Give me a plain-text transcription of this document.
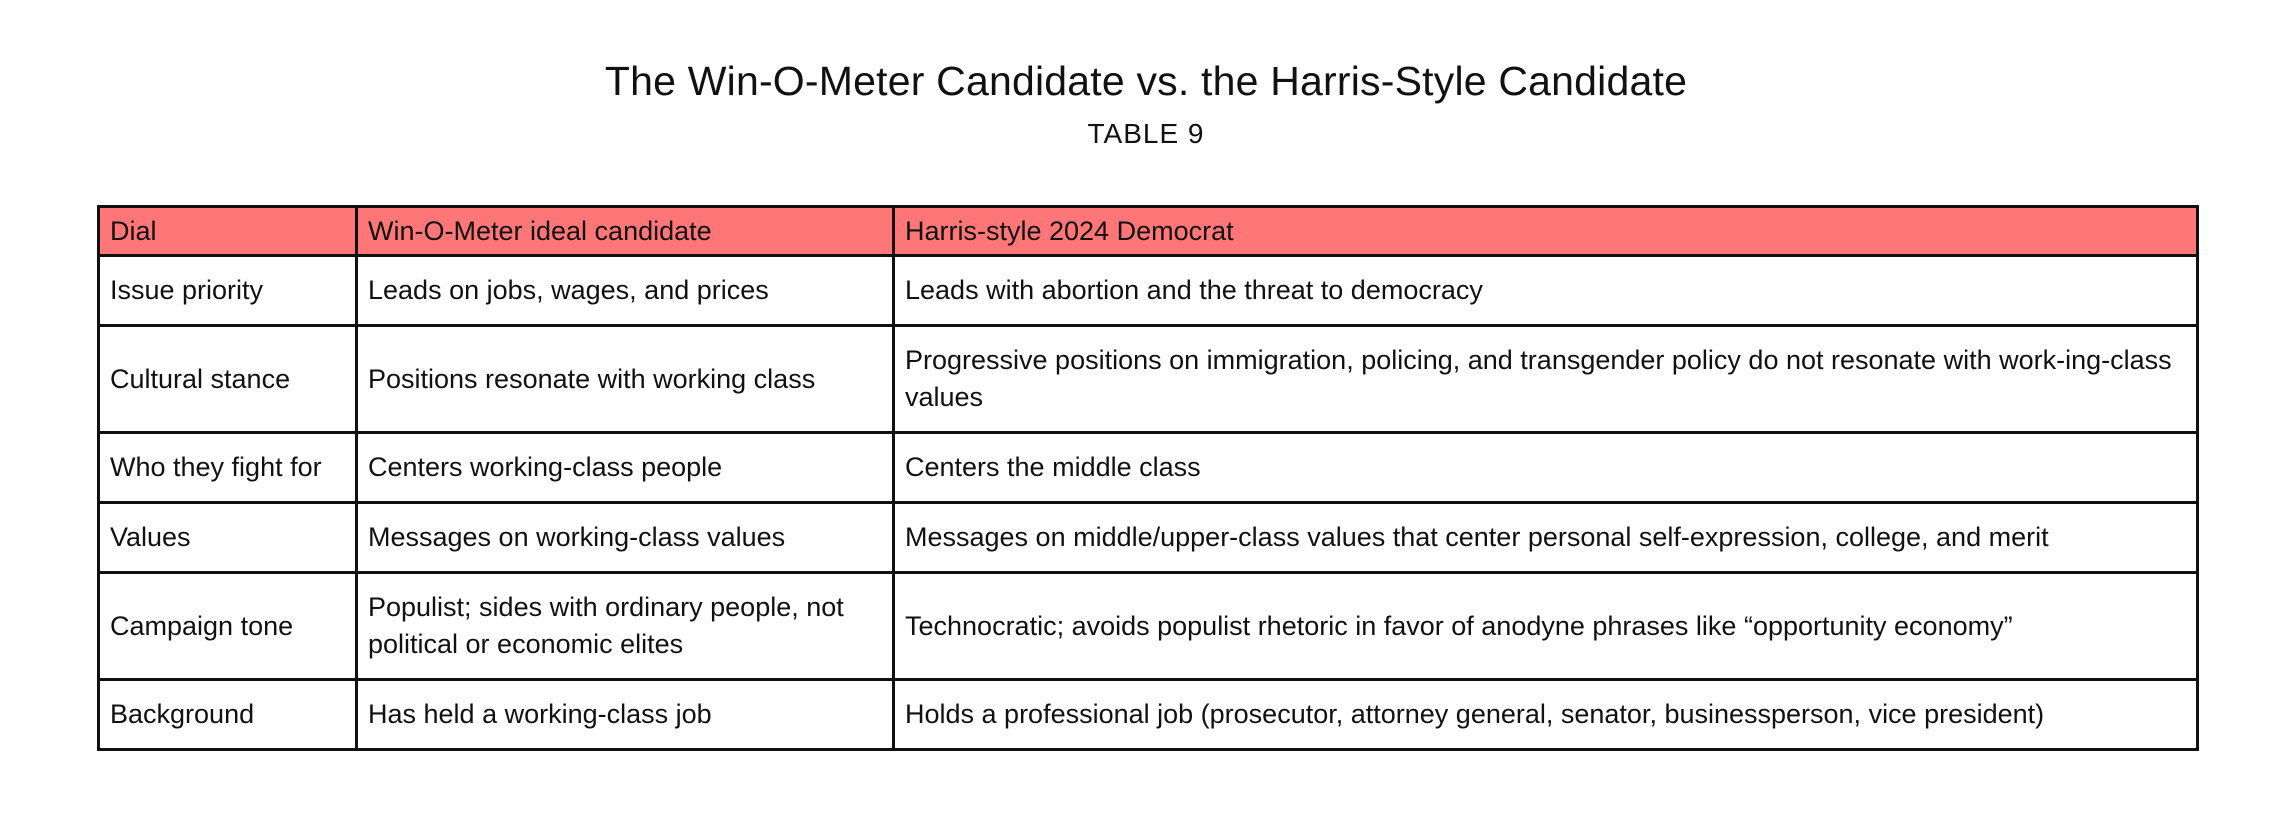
The Win-O-Meter Candidate vs. the Harris-Style Candidate
TABLE 9
Dial	Win-O-Meter ideal candidate	Harris-style 2024 Democrat
Issue priority	Leads on jobs, wages, and prices	Leads with abortion and the threat to democracy
Cultural stance	Positions resonate with working class	Progressive positions on immigration, policing, and transgender policy do not resonate with work-ing-class values
Who they fight for	Centers working-class people	Centers the middle class
Values	Messages on working-class values	Messages on middle/upper-class values that center personal self-expression, college, and merit
Campaign tone	Populist; sides with ordinary people, not political or economic elites	Technocratic; avoids populist rhetoric in favor of anodyne phrases like “opportunity economy”
Background	Has held a working-class job	Holds a professional job (prosecutor, attorney general, senator, businessperson, vice president)
